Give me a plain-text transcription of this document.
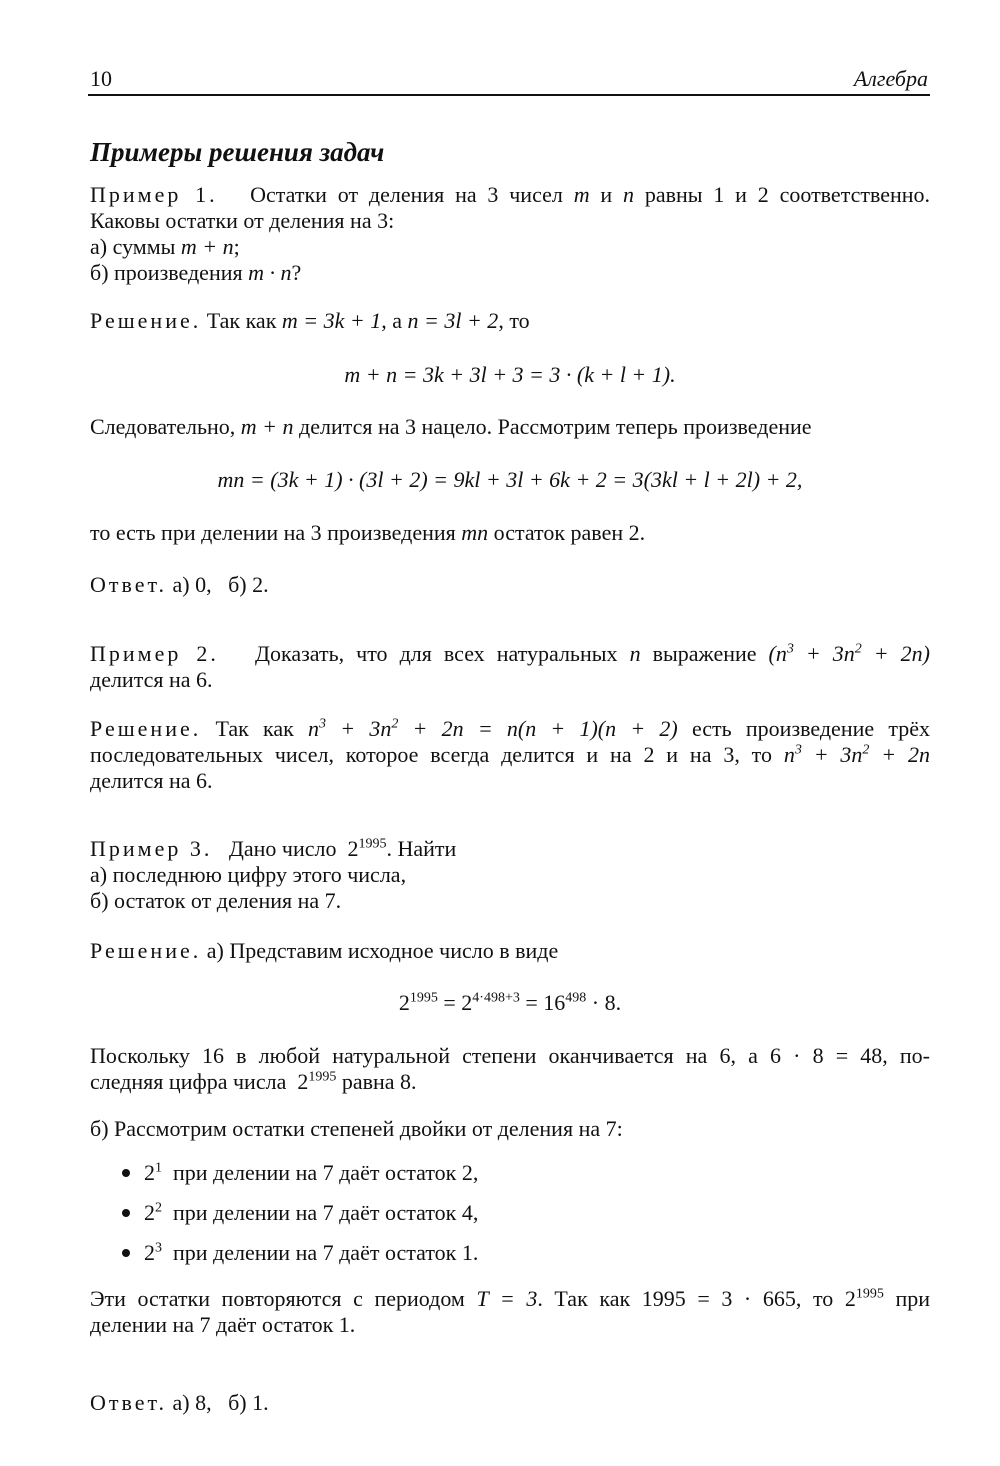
10	Алгебра
Примеры решения задач
Пример 1. Остатки от деления на 3 чисел m и n равны 1 и 2 соответственно.
Каковы остатки от деления на 3:
а) суммы m + n;
б) произведения m · n?
Решение. Так как m = 3k + 1, а n = 3l + 2, то
m + n = 3k + 3l + 3 = 3 · (k + l + 1).
Следовательно, m + n делится на 3 нацело. Рассмотрим теперь произведение
mn = (3k + 1) · (3l + 2) = 9kl + 3l + 6k + 2 = 3(3kl + l + 2l) + 2,
то есть при делении на 3 произведения mn остаток равен 2.
Ответ. а) 0,   б) 2.
Пример 2. Доказать, что для всех натуральных n выражение $(n^3 + 3n^2 + 2n)$
делится на 6.
Решение. Так как $n^3 + 3n^2 + 2n = n(n + 1)(n + 2)$ есть произведение трёх
последовательных чисел, которое всегда делится и на 2 и на 3, то $n^3 + 3n^2 + 2n$
делится на 6.
Пример 3. Дано число $2^{1995}$. Найти
а) последнюю цифру этого числа,
б) остаток от деления на 7.
Решение. а) Представим исходное число в виде
$2^{1995} = 2^{4\cdot 498+3} = 16^{498} \cdot 8$.
Поскольку 16 в любой натуральной степени оканчивается на 6, а 6 · 8 = 48, по-
следняя цифра числа $2^{1995}$ равна 8.
б) Рассмотрим остатки степеней двойки от деления на 7:
$2^1$ при делении на 7 даёт остаток 2,
$2^2$ при делении на 7 даёт остаток 4,
$2^3$ при делении на 7 даёт остаток 1.
Эти остатки повторяются с периодом T = 3. Так как 1995 = 3 · 665, то $2^{1995}$ при
делении на 7 даёт остаток 1.
Ответ. а) 8,   б) 1.
